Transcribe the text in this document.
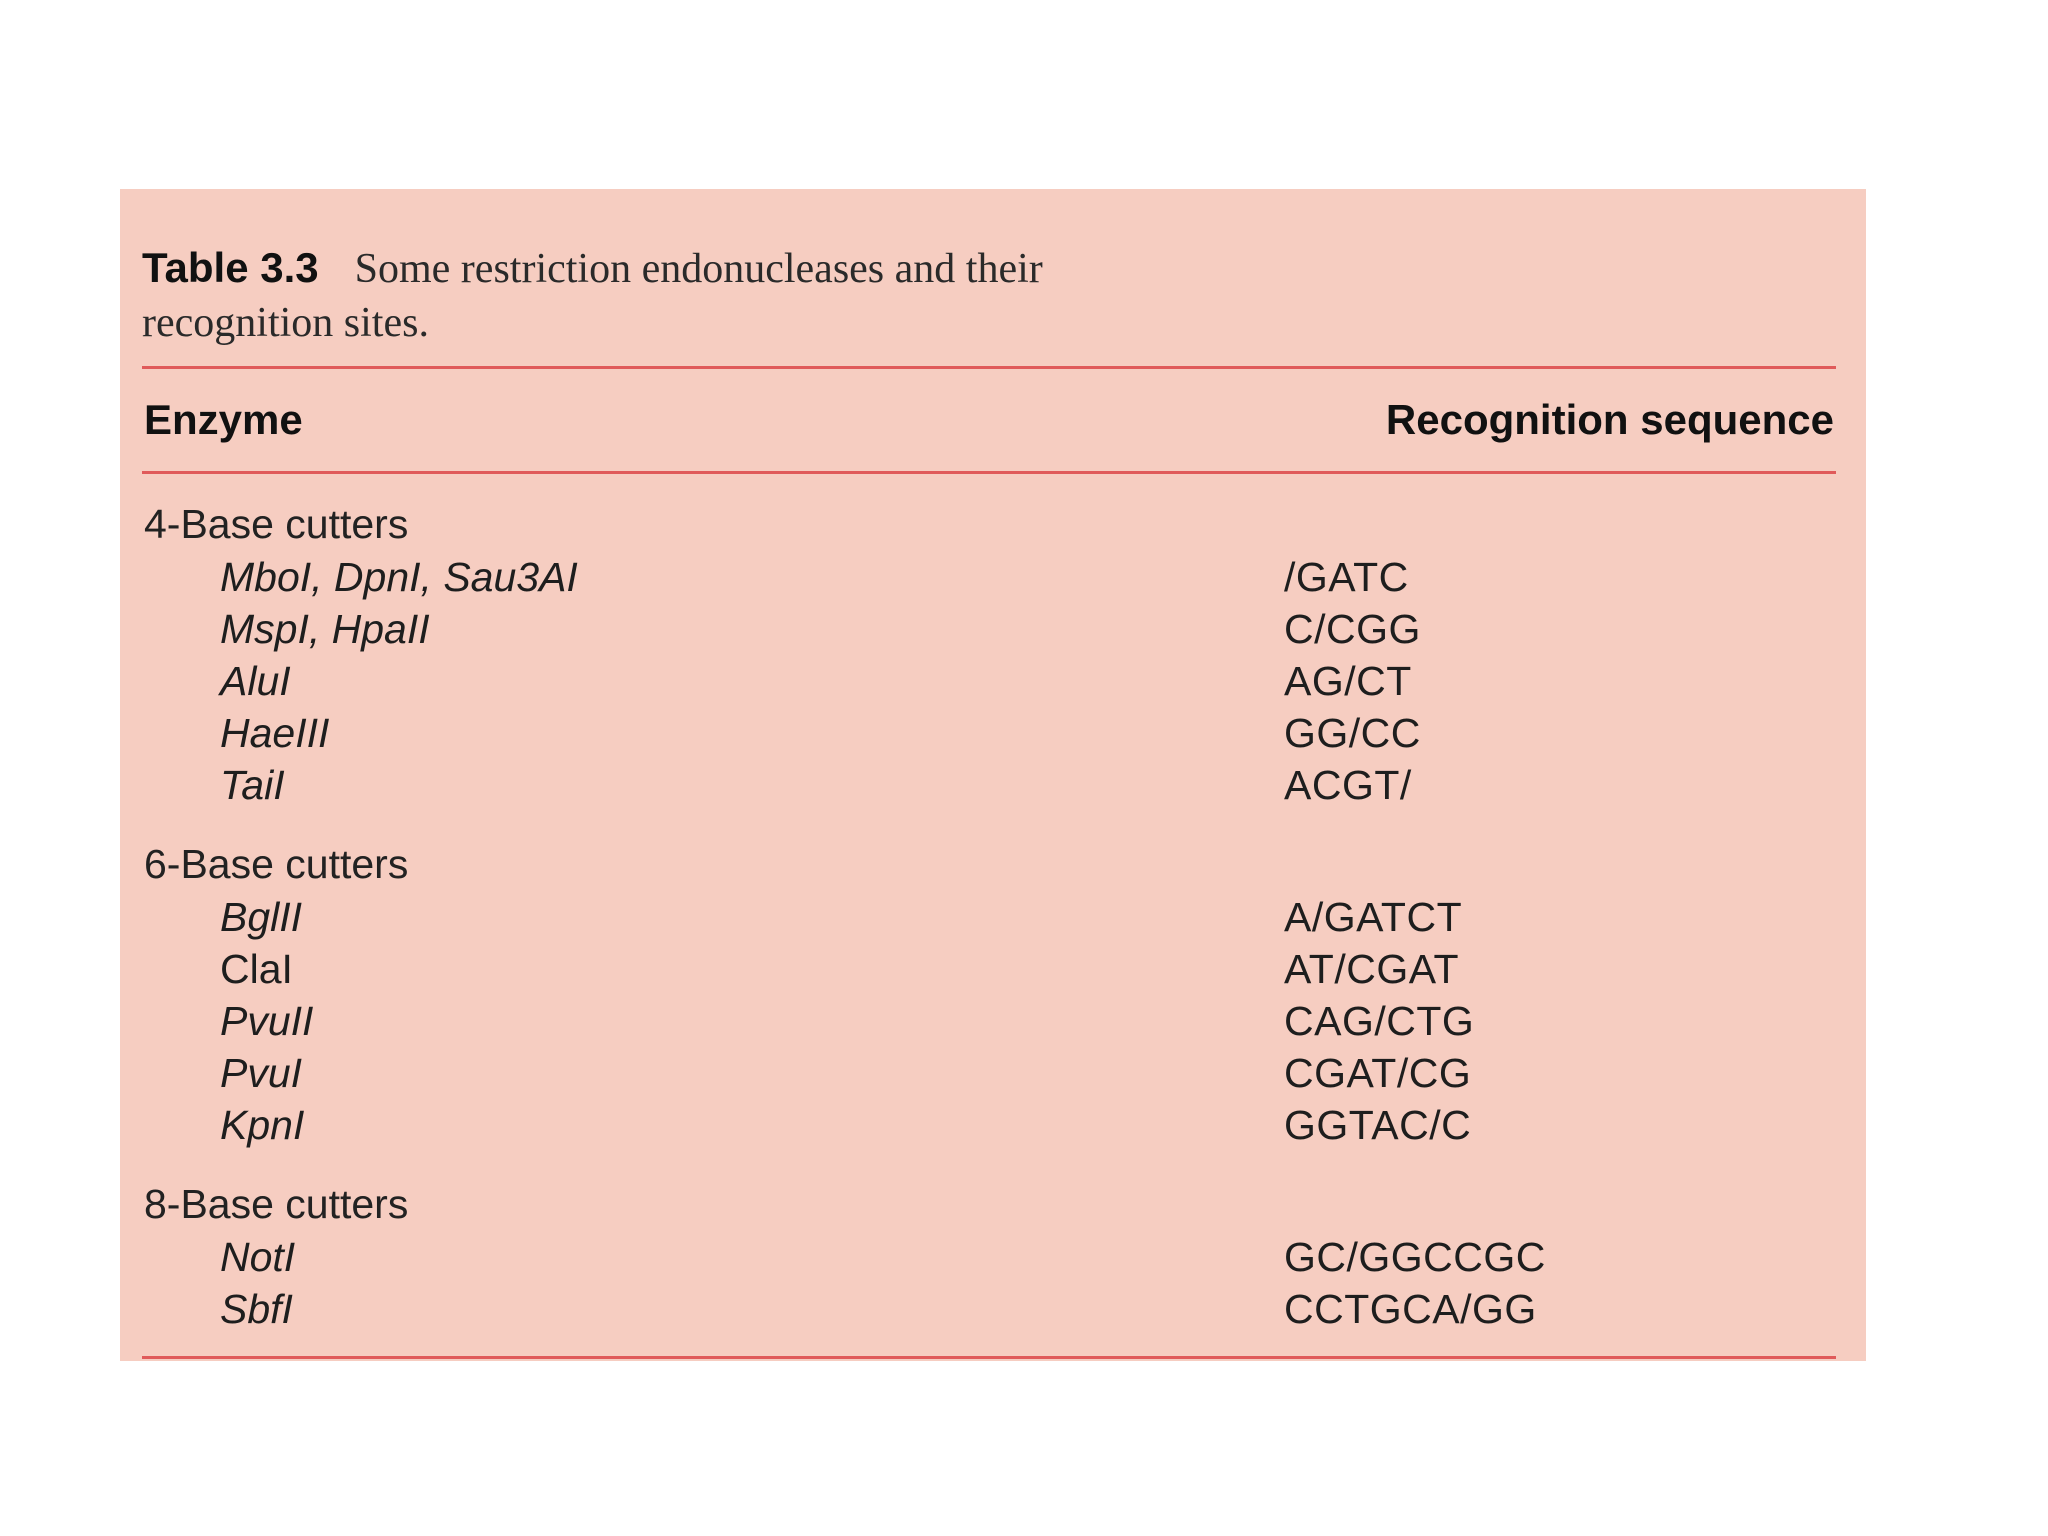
Table 3.3 Some restriction endonucleases and their
recognition sites.
Enzyme	Recognition sequence
4-Base cutters
MboI, DpnI, Sau3AI	/GATC
MspI, HpaII	C/CGG
AluI	AG/CT
HaeIII	GG/CC
TaiI	ACGT/
6-Base cutters
BglII	A/GATCT
ClaI	AT/CGAT
PvuII	CAG/CTG
PvuI	CGAT/CG
KpnI	GGTAC/C
8-Base cutters
NotI	GC/GGCCGC
SbfI	CCTGCA/GG
